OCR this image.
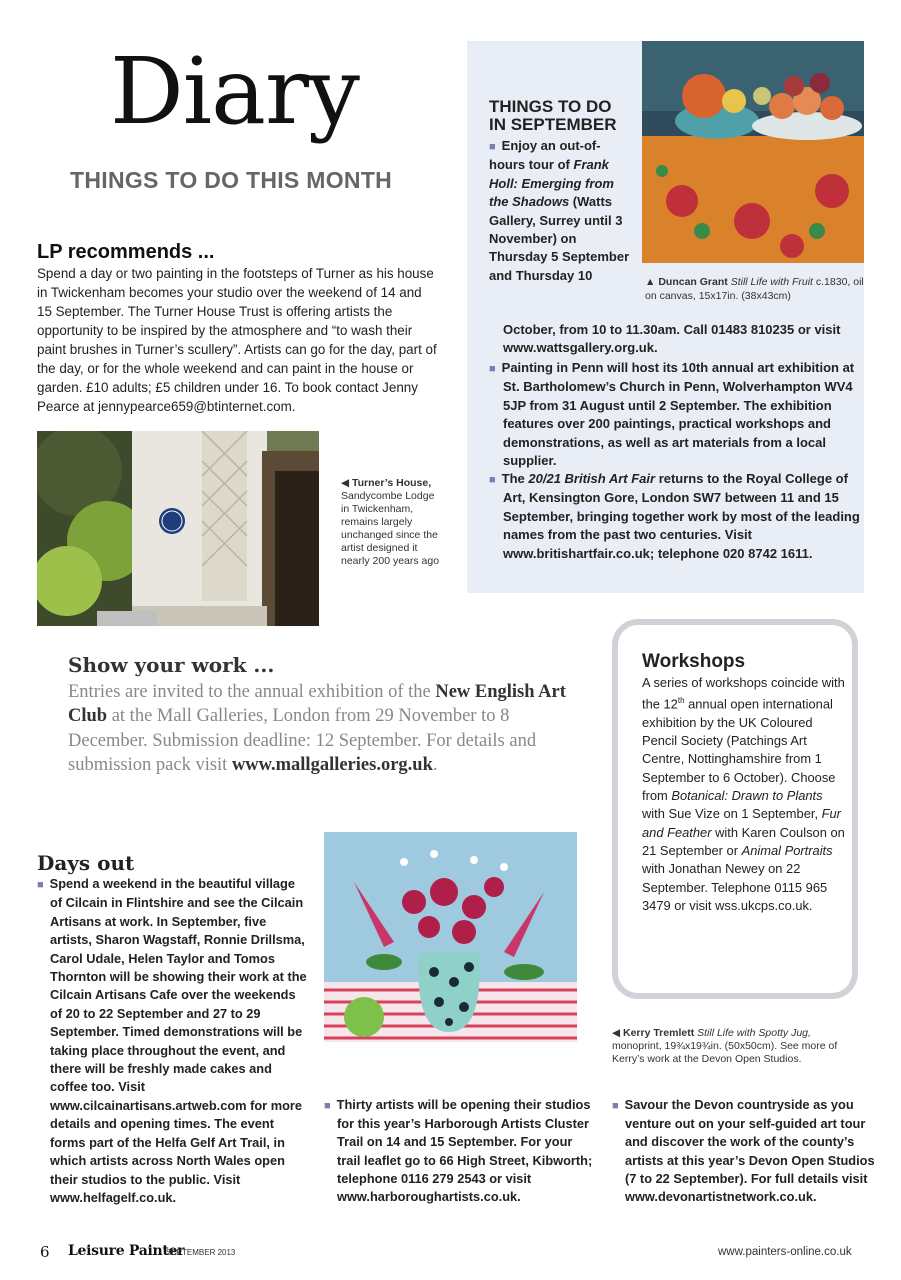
Diary
THINGS TO DO THIS MONTH
LP recommends ...
Spend a day or two painting in the footsteps of Turner as his house in Twickenham becomes your studio over the weekend of 14 and 15 September. The Turner House Trust is offering artists the opportunity to be inspired by the atmosphere and “to wash their paint brushes in Turner’s scullery”. Artists can go for the day, part of the day, or for the whole weekend and can paint in the house or garden. £10 adults; £5 children under 16. To book contact Jenny Pearce at jennypearce659@btinternet.com.
◀ Turner’s House, Sandycombe Lodge in Twickenham, remains largely unchanged since the artist designed it nearly 200 years ago
THINGS TO DO
IN SEPTEMBER
▲ Duncan Grant Still Life with Fruit c.1830, oil on canvas, 15x17in. (38x43cm)
■ Enjoy an out-of-hours tour of Frank Holl: Emerging from the Shadows (Watts Gallery, Surrey until 3 November) on Thursday 5 September and Thursday 10
October, from 10 to 11.30am. Call 01483 810235 or visit www.wattsgallery.org.uk.
■ Painting in Penn will host its 10th annual art exhibition at St. Bartholomew’s Church in Penn, Wolverhampton WV4 5JP from 31 August until 2 September. The exhibition features over 200 paintings, practical workshops and demonstrations, as well as art materials from a local supplier.
■ The 20/21 British Art Fair returns to the Royal College of Art, Kensington Gore, London SW7 between 11 and 15 September, bringing together work by most of the leading names from the past two centuries. Visit www.britishartfair.co.uk; telephone 020 8742 1611.
Show your work ...
Entries are invited to the annual exhibition of the New English Art Club at the Mall Galleries, London from 29 November to 8 December. Submission deadline: 12 September. For details and submission pack visit www.mallgalleries.org.uk.
Workshops
A series of workshops coincide with the 12th annual open international exhibition by the UK Coloured Pencil Society (Patchings Art Centre, Nottinghamshire from 1 September to 6 October). Choose from Botanical: Drawn to Plants with Sue Vize on 1 September, Fur and Feather with Karen Coulson on 21 September or Animal Portraits with Jonathan Newey on 22 September. Telephone 0115 965 3479 or visit wss.ukcps.co.uk.
Days out
■ Spend a weekend in the beautiful village of Cilcain in Flintshire and see the Cilcain Artisans at work. In September, five artists, Sharon Wagstaff, Ronnie Drillsma, Carol Udale, Helen Taylor and Tomos Thornton will be showing their work at the Cilcain Artisans Cafe over the weekends of 20 to 22 September and 27 to 29 September. Timed demonstrations will be taking place throughout the event, and there will be freshly made cakes and coffee too. Visit www.cilcainartisans.artweb.com for more details and opening times. The event forms part of the Helfa Gelf Art Trail, in which artists across North Wales open their studios to the public. Visit www.helfagelf.co.uk.
■ Thirty artists will be opening their studios for this year’s Harborough Artists Cluster Trail on 14 and 15 September. For your trail leaflet go to 66 High Street, Kibworth; telephone 0116 279 2543 or visit www.harboroughartists.co.uk.
◀ Kerry Tremlett Still Life with Spotty Jug, monoprint, 19¾x19¾in. (50x50cm). See more of Kerry’s work at the Devon Open Studios.
■ Savour the Devon countryside as you venture out on your self-guided art tour and discover the work of the county’s artists at this year’s Devon Open Studios (7 to 22 September). For full details visit www.devonartistnetwork.co.uk.
6 Leisure Painter
SEPTEMBER 2013	www.painters-online.co.uk
